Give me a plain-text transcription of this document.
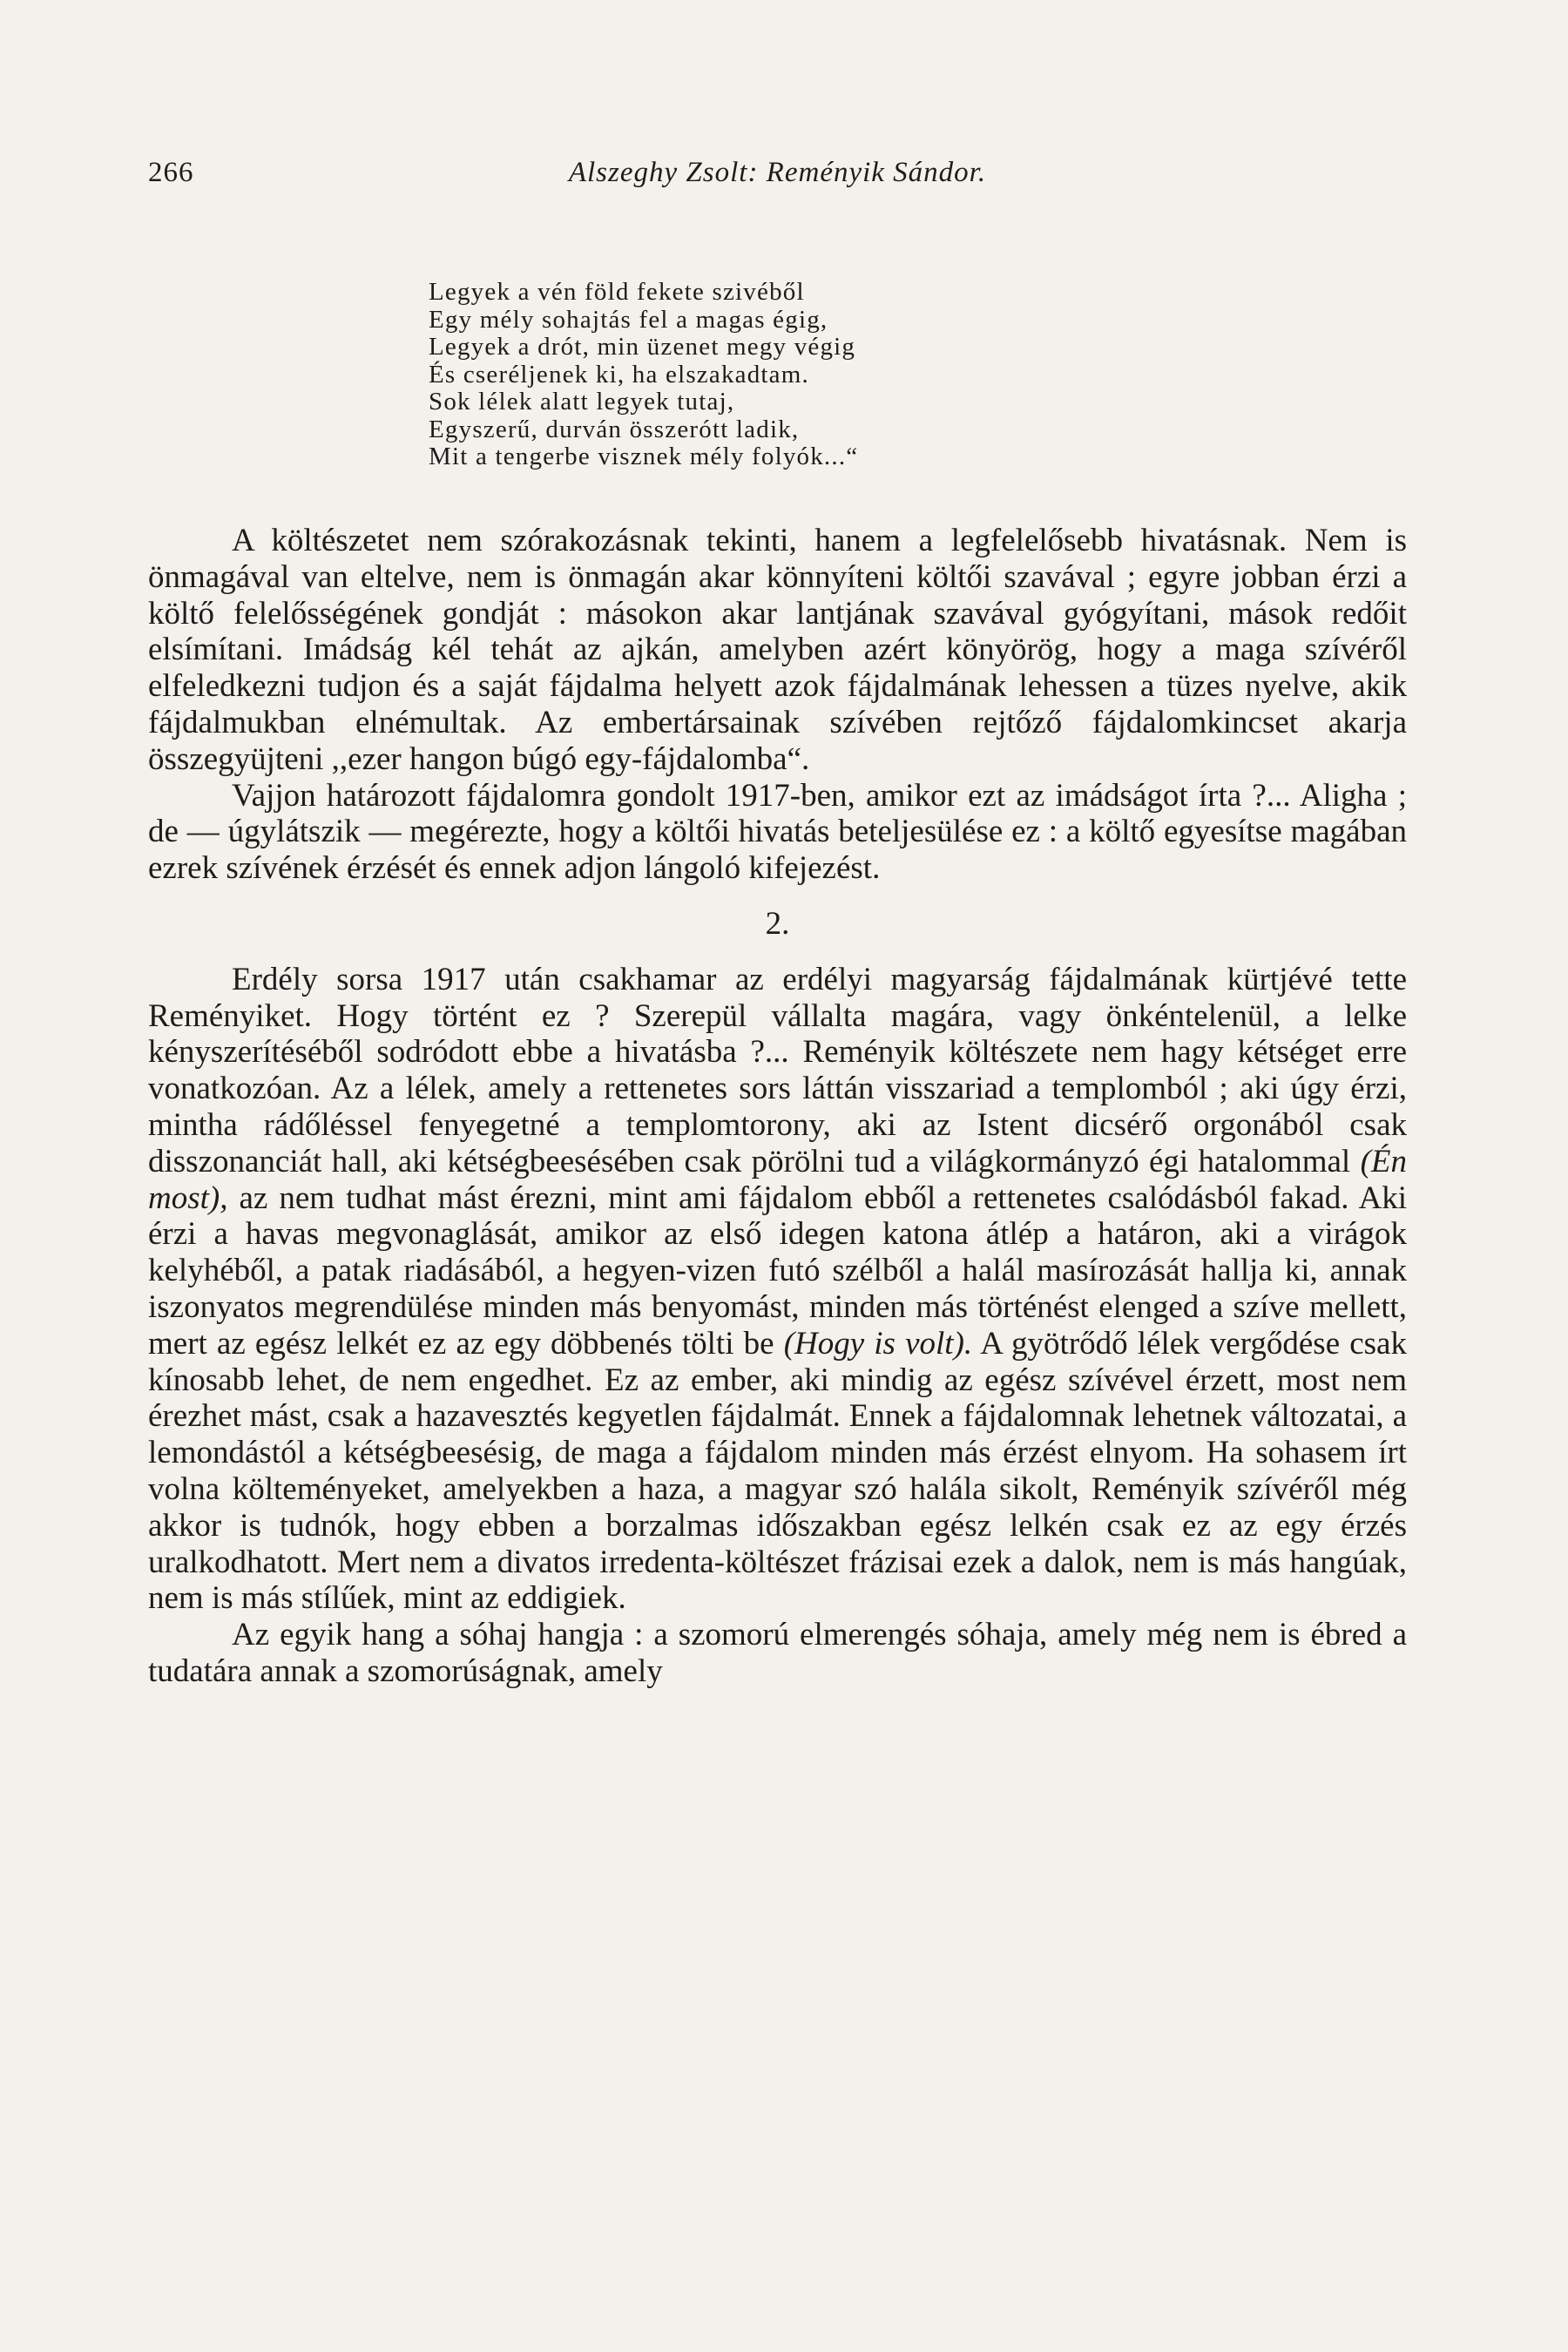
266	Alszeghy Zsolt: Reményik Sándor.
Legyek a vén föld fekete szivéből
Egy mély sohajtás fel a magas égig,
Legyek a drót, min üzenet megy végig
És cseréljenek ki, ha elszakadtam.
Sok lélek alatt legyek tutaj,
Egyszerű, durván összerótt ladik,
Mit a tengerbe visznek mély folyók...“

A költészetet nem szórakozásnak tekinti, hanem a legfelelősebb hivatásnak. Nem is önmagával van eltelve, nem is önmagán akar könnyíteni költői szavával ; egyre jobban érzi a költő felelősségének gondját : másokon akar lantjának szavával gyógyítani, mások redőit elsímítani. Imádság kél tehát az ajkán, amelyben azért könyörög, hogy a maga szívéről elfeledkezni tudjon és a saját fájdalma helyett azok fájdalmának lehessen a tüzes nyelve, akik fájdalmukban elnémultak. Az embertársainak szívében rejtőző fájdalomkincset akarja összegyüjteni ,,ezer hangon búgó egy-fájdalomba“.

Vajjon határozott fájdalomra gondolt 1917-ben, amikor ezt az imádságot írta ?... Aligha ; de — úgylátszik — megérezte, hogy a költői hivatás beteljesülése ez : a költő egyesítse magában ezrek szívének érzését és ennek adjon lángoló kifejezést.

2.

Erdély sorsa 1917 után csakhamar az erdélyi magyarság fájdalmának kürtjévé tette Reményiket. Hogy történt ez ? Szerepül vállalta magára, vagy önkéntelenül, a lelke kényszerítéséből sodródott ebbe a hivatásba ?... Reményik költészete nem hagy kétséget erre vonatkozóan. Az a lélek, amely a rettenetes sors láttán visszariad a templomból ; aki úgy érzi, mintha rádőléssel fenyegetné a templomtorony, aki az Istent dicsérő orgonából csak disszonanciát hall, aki kétségbeesésében csak pörölni tud a világkormányzó égi hatalommal (Én most), az nem tudhat mást érezni, mint ami fájdalom ebből a rettenetes csalódásból fakad. Aki érzi a havas megvonaglását, amikor az első idegen katona átlép a határon, aki a virágok kelyhéből, a patak riadásából, a hegyen-vizen futó szélből a halál masírozását hallja ki, annak iszonyatos megrendülése minden más benyomást, minden más történést elenged a szíve mellett, mert az egész lelkét ez az egy döbbenés tölti be (Hogy is volt). A gyötrődő lélek vergődése csak kínosabb lehet, de nem engedhet. Ez az ember, aki mindig az egész szívével érzett, most nem érezhet mást, csak a hazavesztés kegyetlen fájdalmát. Ennek a fájdalomnak lehetnek változatai, a lemondástól a kétségbeesésig, de maga a fájdalom minden más érzést elnyom. Ha sohasem írt volna költeményeket, amelyekben a haza, a magyar szó halála sikolt, Reményik szívéről még akkor is tudnók, hogy ebben a borzalmas időszakban egész lelkén csak ez az egy érzés uralkodhatott. Mert nem a divatos irredenta-költészet frázisai ezek a dalok, nem is más hangúak, nem is más stílűek, mint az eddigiek.

Az egyik hang a sóhaj hangja : a szomorú elmerengés sóhaja, amely még nem is ébred a tudatára annak a szomorúságnak, amely
